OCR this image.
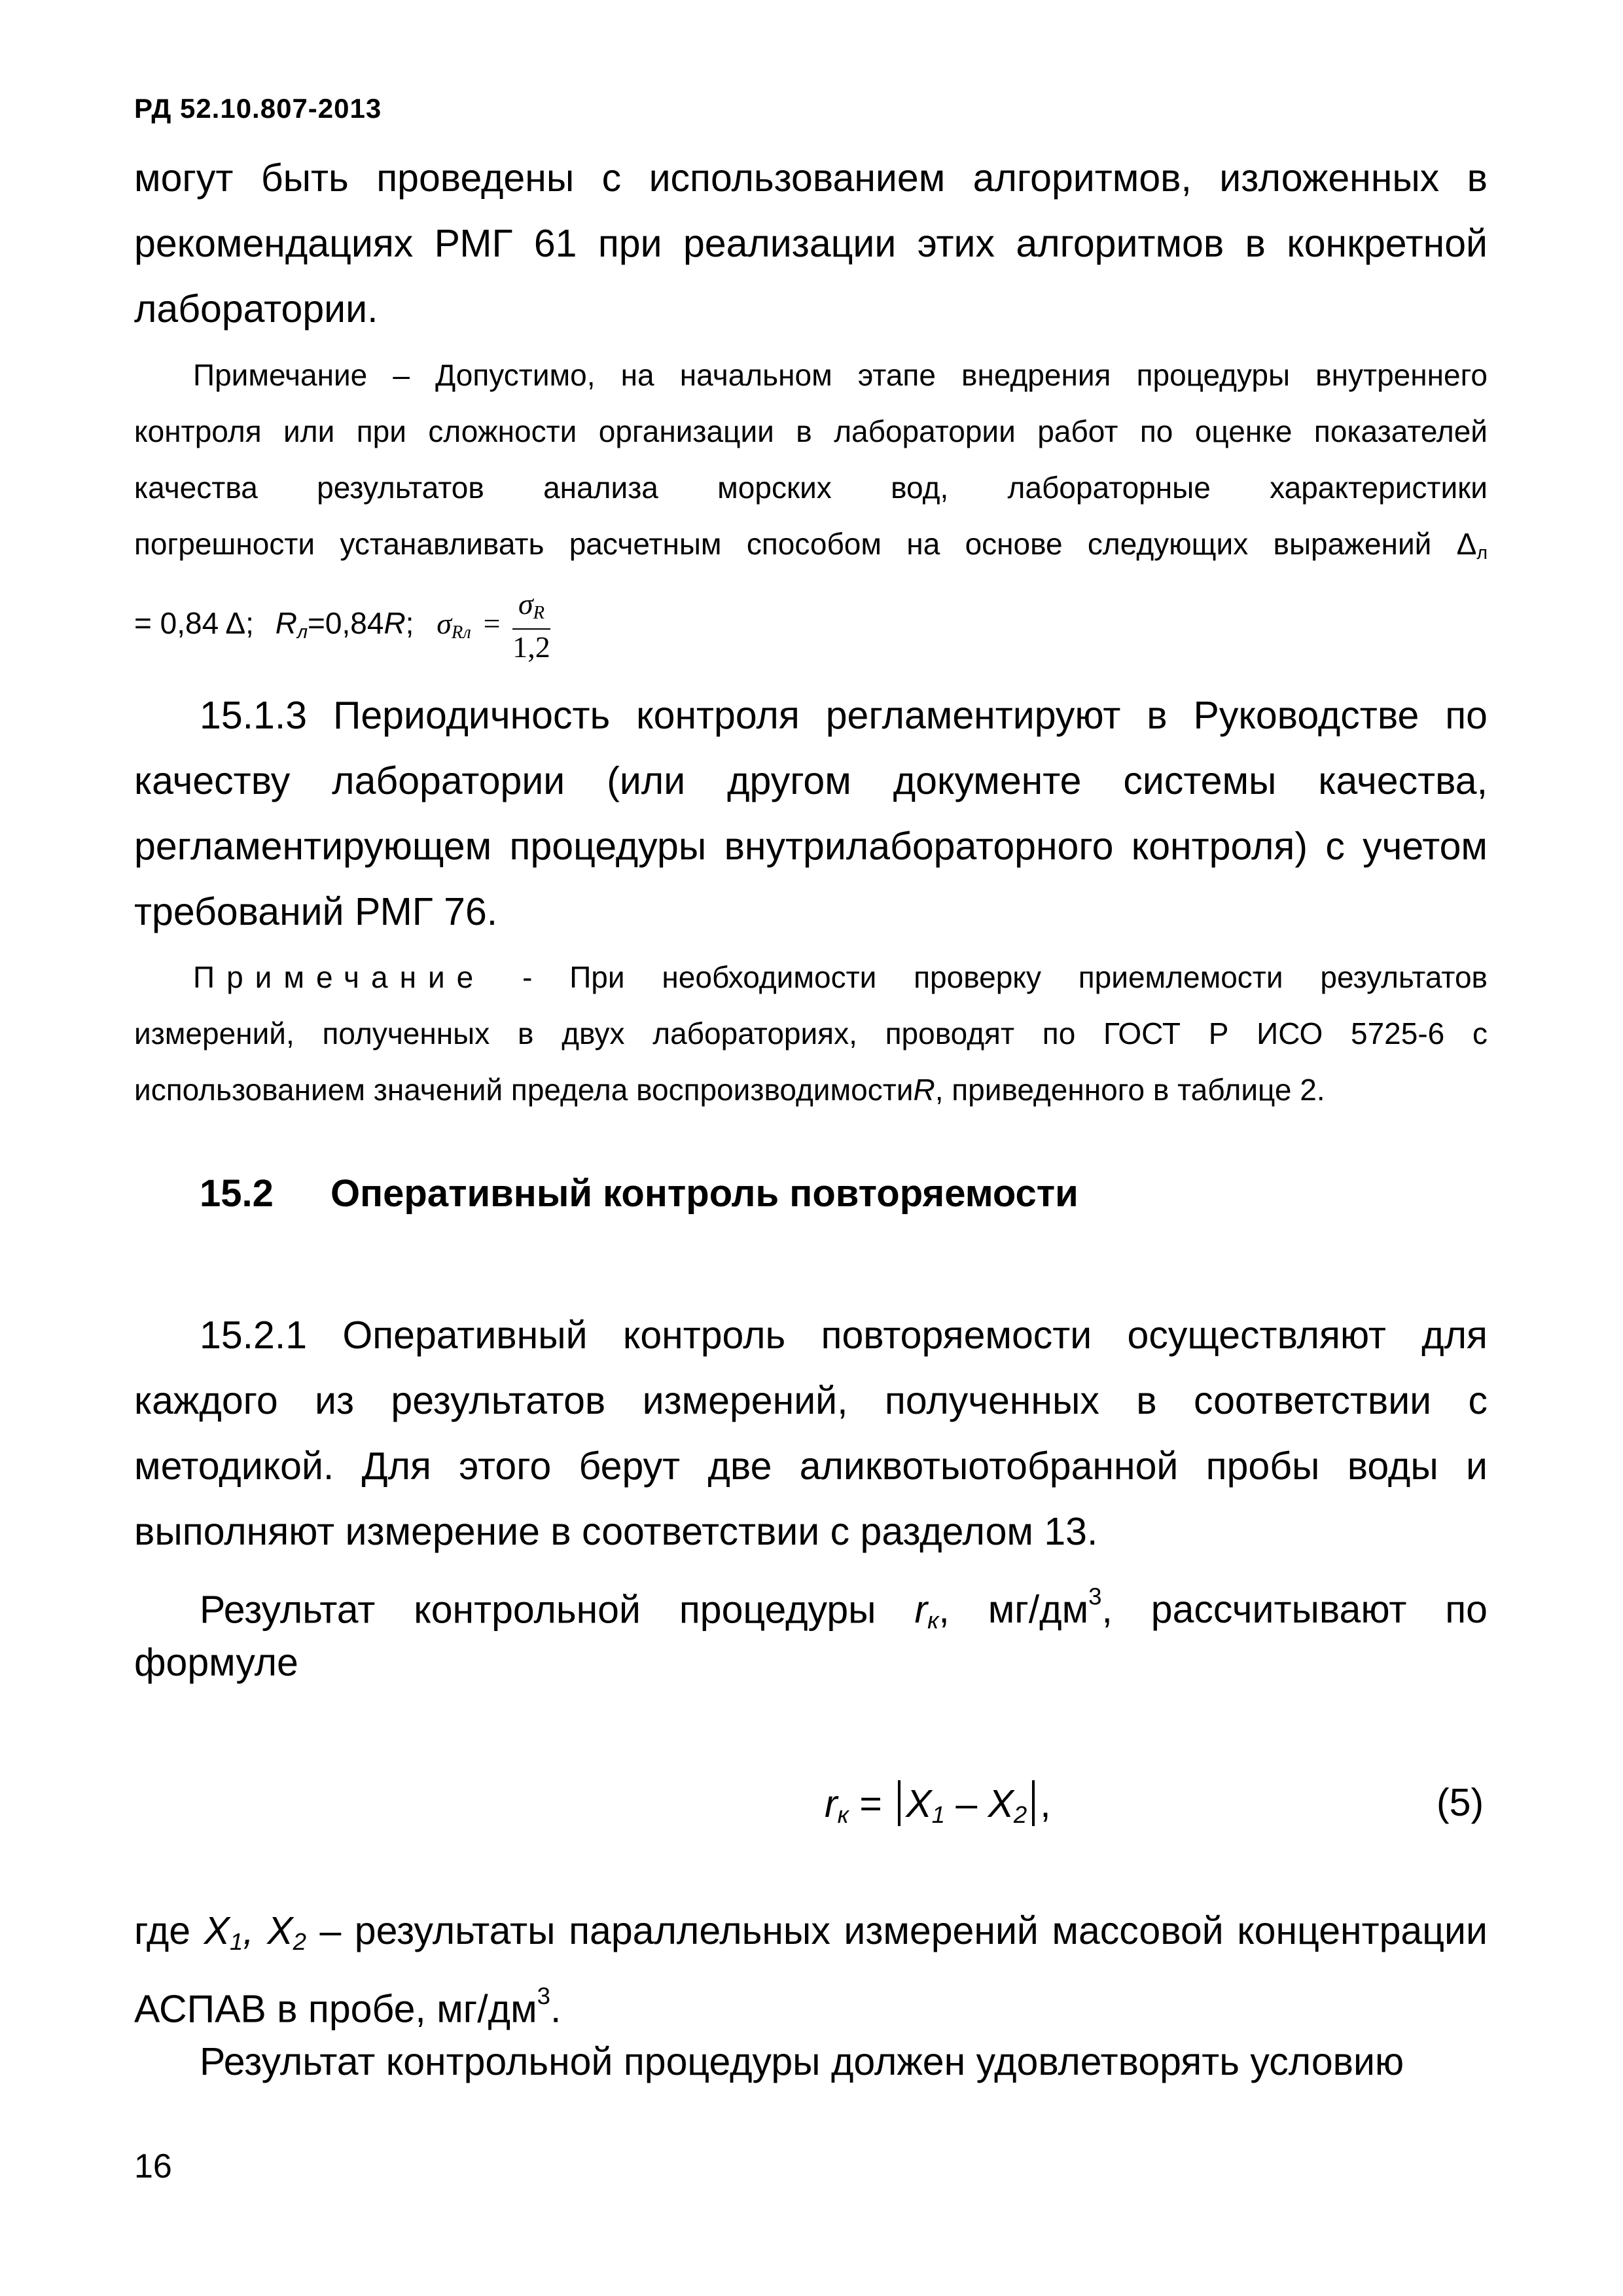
РД 52.10.807-2013
могут быть проведены с использованием алгоритмов, изложенных в
рекомендациях РМГ 61 при реализации этих алгоритмов в конкретной
лаборатории.
Примечание – Допустимо, на начальном этапе внедрения процедуры внутреннего
контроля или при сложности организации в лаборатории работ по оценке показателей
качества результатов анализа морских вод, лабораторные характеристики
погрешности устанавливать расчетным способом на основе следующих выражений $\Delta_л$
= 0,84 Δ; $R_л=0,84R$; $\sigma_{Rл} = \frac{\sigma_R}{1,2}$
15.1.3 Периодичность контроля регламентируют в Руководстве по
качеству лаборатории (или другом документе системы качества,
регламентирующем процедуры внутрилабораторного контроля) с учетом
требований РМГ 76.
Примечание - При необходимости проверку приемлемости результатов
измерений, полученных в двух лабораториях, проводят по ГОСТ Р ИСО 5725-6 с
использованием значений предела воспроизводимостиR, приведенного в таблице 2.
15.2 Оперативный контроль повторяемости
15.2.1 Оперативный контроль повторяемости осуществляют для
каждого из результатов измерений, полученных в соответствии с
методикой. Для этого берут две аликвотыотобранной пробы воды и
выполняют измерение в соответствии с разделом 13.
Результат контрольной процедуры $r_к$, $мг/дм^3$, рассчитывают по
формуле
$r_к = X_1 - X_2$ ,	(5)
где $X_1$, $X_2$ – результаты параллельных измерений массовой концентрации
АСПАВ в пробе, $мг/дм^3$.
Результат контрольной процедуры должен удовлетворять условию
16
